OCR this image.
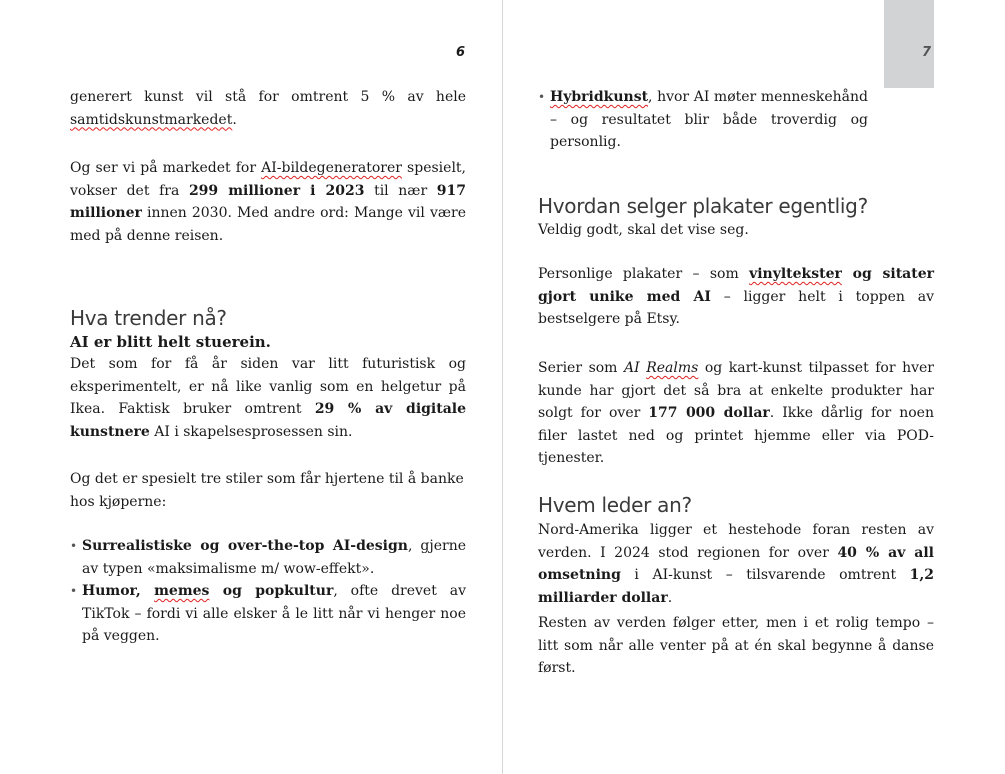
6

generert kunst vil stå for omtrent 5 % av hele samtidskunstmarkedet.

Og ser vi på markedet for AI-bildegeneratorer spesielt, vokser det fra 299 millioner i 2023 til nær 917 millioner innen 2030. Med andre ord: Mange vil være med på denne reisen.

Hva trender nå?
AI er blitt helt stuerein.

Det som for få år siden var litt futuristisk og eksperimentelt, er nå like vanlig som en helgetur på Ikea. Faktisk bruker omtrent 29 % av digitale kunstnere AI i skapelsesprosessen sin.

Og det er spesielt tre stiler som får hjertene til å banke hos kjøperne:
• Surrealistiske og over-the-top AI-design, gjerne av typen «maksimalisme m/ wow-effekt».
• Humor, memes og popkultur, ofte drevet av TikTok – fordi vi alle elsker å le litt når vi henger noe på veggen.
7
• Hybridkunst, hvor AI møter menneskehånd – og resultatet blir både troverdig og personlig.
Hvordan selger plakater egentlig?
Veldig godt, skal det vise seg.

Personlige plakater – som vinyltekster og sitater gjort unike med AI – ligger helt i toppen av bestselgere på Etsy.

Serier som AI Realms og kart-kunst tilpasset for hver kunde har gjort det så bra at enkelte produkter har solgt for over 177 000 dollar. Ikke dårlig for noen filer lastet ned og printet hjemme eller via POD-tjenester.

Hvem leder an?

Nord-Amerika ligger et hestehode foran resten av verden. I 2024 stod regionen for over 40 % av all omsetning i AI-kunst – tilsvarende omtrent 1,2 milliarder dollar.

Resten av verden følger etter, men i et rolig tempo – litt som når alle venter på at én skal begynne å danse først.
